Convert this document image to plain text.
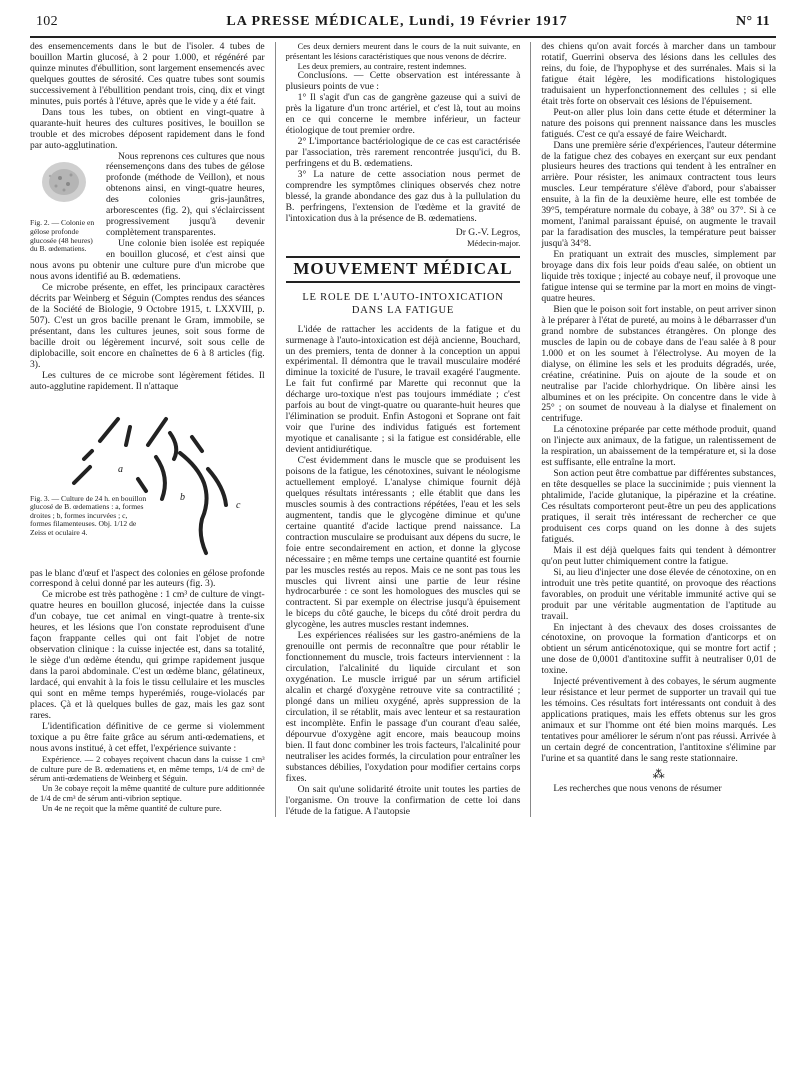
102	LA PRESSE MÉDICALE, Lundi, 19 Février 1917	N° 11

des ensemencements dans le but de l'isoler. 4 tubes de bouillon Martin glucosé, à 2 pour 1.000, et régénéré par quinze minutes d'ébullition, sont largement ensemencés avec quelques gouttes de sérosité. Ces quatre tubes sont soumis successivement à l'ébullition pendant trois, cinq, dix et vingt minutes, puis portés à l'étuve, après que le vide y a été fait.

Dans tous les tubes, on obtient en vingt-quatre à quarante-huit heures des cultures positives, le bouillon se trouble et des microbes déposent rapidement dans le fond par auto-agglutination.

Fig. 2. — Colonie en gélose profonde glucosée (48 heures) du B. œdematiens.

Nous reprenons ces cultures que nous réensemençons dans des tubes de gélose profonde (méthode de Veillon), et nous obtenons ainsi, en vingt-quatre heures, des colonies gris-jaunâtres, arborescentes (fig. 2), qui s'éclaircissent progressivement jusqu'à devenir complètement transparentes.

Une colonie bien isolée est repiquée en bouillon glucosé, et c'est ainsi que nous avons pu obtenir une culture pure d'un microbe que nous avons identifié au B. œdematiens.

Ce microbe présente, en effet, les principaux caractères décrits par Weinberg et Séguin (Comptes rendus des séances de la Société de Biologie, 9 Octobre 1915, t. LXXVIII, p. 507). C'est un gros bacille prenant le Gram, immobile, se présentant, dans les cultures jeunes, soit sous forme de bacille droit ou légèrement incurvé, soit sous celle de diplobacille, soit encore en chaînettes de 6 à 8 articles (fig. 3).

Les cultures de ce microbe sont légèrement fétides. Il auto-agglutine rapidement. Il n'attaque

a
b
c
Fig. 3. — Culture de 24 h. en bouillon glucosé de B. œdematiens : a, formes droites ; b, formes incurvées ; c, formes filamenteuses. Obj. 1/12 de Zeiss et oculaire 4.

pas le blanc d'œuf et l'aspect des colonies en gélose profonde correspond à celui donné par les auteurs (fig. 3).

Ce microbe est très pathogène : 1 cm³ de culture de vingt-quatre heures en bouillon glucosé, injectée dans la cuisse d'un cobaye, tue cet animal en vingt-quatre à trente-six heures, et les lésions que l'on constate reproduisent d'une façon frappante celles qui ont fait l'objet de notre observation clinique : la cuisse injectée est, dans sa totalité, le siège d'un œdème étendu, qui grimpe rapidement jusque dans la paroi abdominale. C'est un œdème blanc, gélatineux, lardacé, qui envahit à la fois le tissu cellulaire et les muscles qui sont en même temps hyperémiés, rouge-violacés par places. Çà et là quelques bulles de gaz, mais les gaz sont rares.

L'identification définitive de ce germe si violemment toxique a pu être faite grâce au sérum anti-œdematiens, et nous avons institué, à cet effet, l'expérience suivante :

Expérience. — 2 cobayes reçoivent chacun dans la cuisse 1 cm³ de culture pure de B. œdematiens et, en même temps, 1/4 de cm³ de sérum anti-œdematiens de Weinberg et Séguin.

Un 3e cobaye reçoit la même quantité de culture pure additionnée de 1/4 de cm³ de sérum anti-vibrion septique.

Un 4e ne reçoit que la même quantité de culture pure.

Ces deux derniers meurent dans le cours de la nuit suivante, en présentant les lésions caractéristiques que nous venons de décrire.

Les deux premiers, au contraire, restent indemnes.

Conclusions. — Cette observation est intéressante à plusieurs points de vue :

1° Il s'agit d'un cas de gangrène gazeuse qui a suivi de près la ligature d'un tronc artériel, et c'est là, tout au moins en ce qui concerne le membre inférieur, un facteur étiologique de tout premier ordre.

2° L'importance bactériologique de ce cas est caractérisée par l'association, très rarement rencontrée jusqu'ici, du B. perfringens et du B. œdematiens.

3° La nature de cette association nous permet de comprendre les symptômes cliniques observés chez notre blessé, la grande abondance des gaz dus à la pullulation du B. perfringens, l'extension de l'œdème et la gravité de l'intoxication dus à la présence de B. œdematiens.

Dr G.-V. Legros,
Médecin-major.
MOUVEMENT MÉDICAL
LE ROLE DE L'AUTO-INTOXICATION DANS LA FATIGUE

L'idée de rattacher les accidents de la fatigue et du surmenage à l'auto-intoxication est déjà ancienne, Bouchard, un des premiers, tenta de donner à la conception un appui expérimental. Il démontra que le travail musculaire modéré diminue la toxicité de l'usure, le travail exagéré l'augmente. Le fait fut confirmé par Marette qui reconnut que la décharge uro-toxique n'est pas toujours immédiate ; c'est parfois au bout de vingt-quatre ou quarante-huit heures que l'élimination se produit. Enfin Astogoni et Soprane ont fait voir que l'urine des individus fatigués est fortement myotique et canalisante ; si la fatigue est considérable, elle devient antidiurétique.

C'est évidemment dans le muscle que se produisent les poisons de la fatigue, les cénotoxines, suivant le néologisme actuellement employé. L'analyse chimique fournit déjà quelques résultats intéressants ; elle établit que dans les muscles soumis à des contractions répétées, l'eau et les sels augmentent, tandis que le glycogène diminue et qu'une certaine quantité d'acide lactique prend naissance. La contraction musculaire se produisant aux dépens du sucre, le foie entre secondairement en action, et donne la glycose nécessaire ; en même temps une certaine quantité est fournie par les muscles restés au repos. Mais ce ne sont pas tous les muscles qui livrent ainsi une partie de leur résine hydrocarburée : ce sont les homologues des muscles qui se contractent. Si par exemple on électrise jusqu'à épuisement le biceps du côté gauche, le biceps du côté droit perdra du glycogène, les autres muscles restant indemnes.

Les expériences réalisées sur les gastro-anémiens de la grenouille ont permis de reconnaître que pour rétablir le fonctionnement du muscle, trois facteurs interviennent : la circulation, l'alcalinité du liquide circulant et son oxygénation. Le muscle irrigué par un sérum artificiel alcalin et chargé d'oxygène retrouve vite sa contractilité ; plongé dans un milieu oxygéné, après suppression de la circulation, il se rétablit, mais avec lenteur et sa restauration est incomplète. Enfin le passage d'un courant d'eau salée, dépourvue d'oxygène agit encore, mais beaucoup moins bien. Il faut donc combiner les trois facteurs, l'alcalinité pour neutraliser les acides formés, la circulation pour entraîner les substances débilies, l'oxydation pour modifier certains corps fixes.

On sait qu'une solidarité étroite unit toutes les parties de l'organisme. On trouve la confirmation de cette loi dans l'étude de la fatigue. A l'autopsie

des chiens qu'on avait forcés à marcher dans un tambour rotatif, Guerrini observa des lésions dans les cellules des reins, du foie, de l'hypophyse et des surrénales. Mais si la fatigue était légère, les modifications histologiques traduisaient un hyperfonctionnement des cellules ; si elle était très forte on observait ces lésions de l'épuisement.

Peut-on aller plus loin dans cette étude et déterminer la nature des poisons qui prennent naissance dans les muscles fatigués. C'est ce qu'a essayé de faire Weichardt.

Dans une première série d'expériences, l'auteur détermine de la fatigue chez des cobayes en exerçant sur eux pendant plusieurs heures des tractions qui tendent à les entraîner en arrière. Pour résister, les animaux contractent tous leurs muscles. Leur température s'élève d'abord, pour s'abaisser ensuite, à la fin de la deuxième heure, elle est tombée de 39°5, température normale du cobaye, à 38° ou 37°. Si à ce moment, l'animal paraissant épuisé, on augmente le travail par la faradisation des muscles, la température peut baisser jusqu'à 34°8.

En pratiquant un extrait des muscles, simplement par broyage dans dix fois leur poids d'eau salée, on obtient un liquide très toxique ; injecté au cobaye neuf, il provoque une fatigue intense qui se termine par la mort en moins de vingt-quatre heures.

Bien que le poison soit fort instable, on peut arriver sinon à le préparer à l'état de pureté, au moins à le débarrasser d'un grand nombre de substances étrangères. On plonge des muscles de lapin ou de cobaye dans de l'eau salée à 8 pour 1.000 et on les soumet à l'électrolyse. Au moyen de la dialyse, on élimine les sels et les produits dégradés, urée, créatine, créatinine. Puis on ajoute de la soude et on neutralise par l'acide chlorhydrique. On libère ainsi les albumines et on les précipite. On concentre dans le vide à 25° ; on soumet de nouveau à la dialyse et finalement on centrifuge.

La cénotoxine préparée par cette méthode produit, quand on l'injecte aux animaux, de la fatigue, un ralentissement de la respiration, un abaissement de la température et, si la dose est suffisante, elle entraîne la mort.

Son action peut être combattue par différentes substances, en tête desquelles se place la succinimide ; puis viennent la phtalimide, l'acide glutanique, la pipérazine et la créatine. Ces résultats comporteront peut-être un peu des applications pratiques, il serait très intéressant de rechercher ce que produisent ces corps quand on les donne à des sujets fatigués.

Mais il est déjà quelques faits qui tendent à démontrer qu'on peut lutter chimiquement contre la fatigue.

Si, au lieu d'injecter une dose élevée de cénotoxine, on en introduit une très petite quantité, on provoque des réactions favorables, on produit une véritable immunité active qui se produit par une véritable augmentation de l'aptitude au travail.

En injectant à des chevaux des doses croissantes de cénotoxine, on provoque la formation d'anticorps et on obtient un sérum anticénotoxique, qui se montre fort actif ; une dose de 0,0001 d'antitoxine suffit à neutraliser 0,01 de toxine.

Injecté préventivement à des cobayes, le sérum augmente leur résistance et leur permet de supporter un travail qui tue les témoins. Ces résultats fort intéressants ont conduit à des applications pratiques, mais les effets obtenus sur les gros animaux et sur l'homme ont été bien moins marqués. Les tentatives pour améliorer le sérum n'ont pas réussi. Arrivée à un certain degré de concentration, l'antitoxine s'élimine par l'urine et sa quantité dans le sang reste stationnaire.

⁂

Les recherches que nous venons de résumer
